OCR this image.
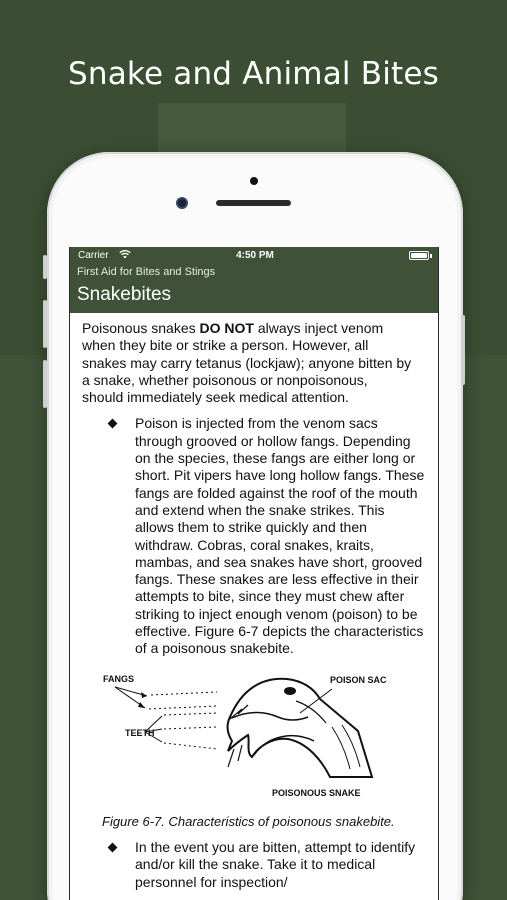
Snake and Animal Bites
Carrier	4:50 PM
First Aid for Bites and Stings
Snakebites

Poisonous snakes DO NOT always inject venom when they bite or strike a person. However, all snakes may carry tetanus (lockjaw); anyone bitten by a snake, whether poisonous or nonpoisonous, should immediately seek medical attention.

Poison is injected from the venom sacs through grooved or hollow fangs. Depending on the species, these fangs are either long or short. Pit vipers have long hollow fangs. These fangs are folded against the roof of the mouth and extend when the snake strikes. This allows them to strike quickly and then withdraw. Cobras, coral snakes, kraits, mambas, and sea snakes have short, grooved fangs. These snakes are less effective in their attempts to bite, since they must chew after striking to inject enough venom (poison) to be effective. Figure 6-7 depicts the characteristics of a poisonous snakebite.
FANGS
TEETH
POISON SAC
POISONOUS SNAKE

Figure 6-7. Characteristics of poisonous snakebite.

In the event you are bitten, attempt to identify and/or kill the snake. Take it to medical personnel for inspection/
